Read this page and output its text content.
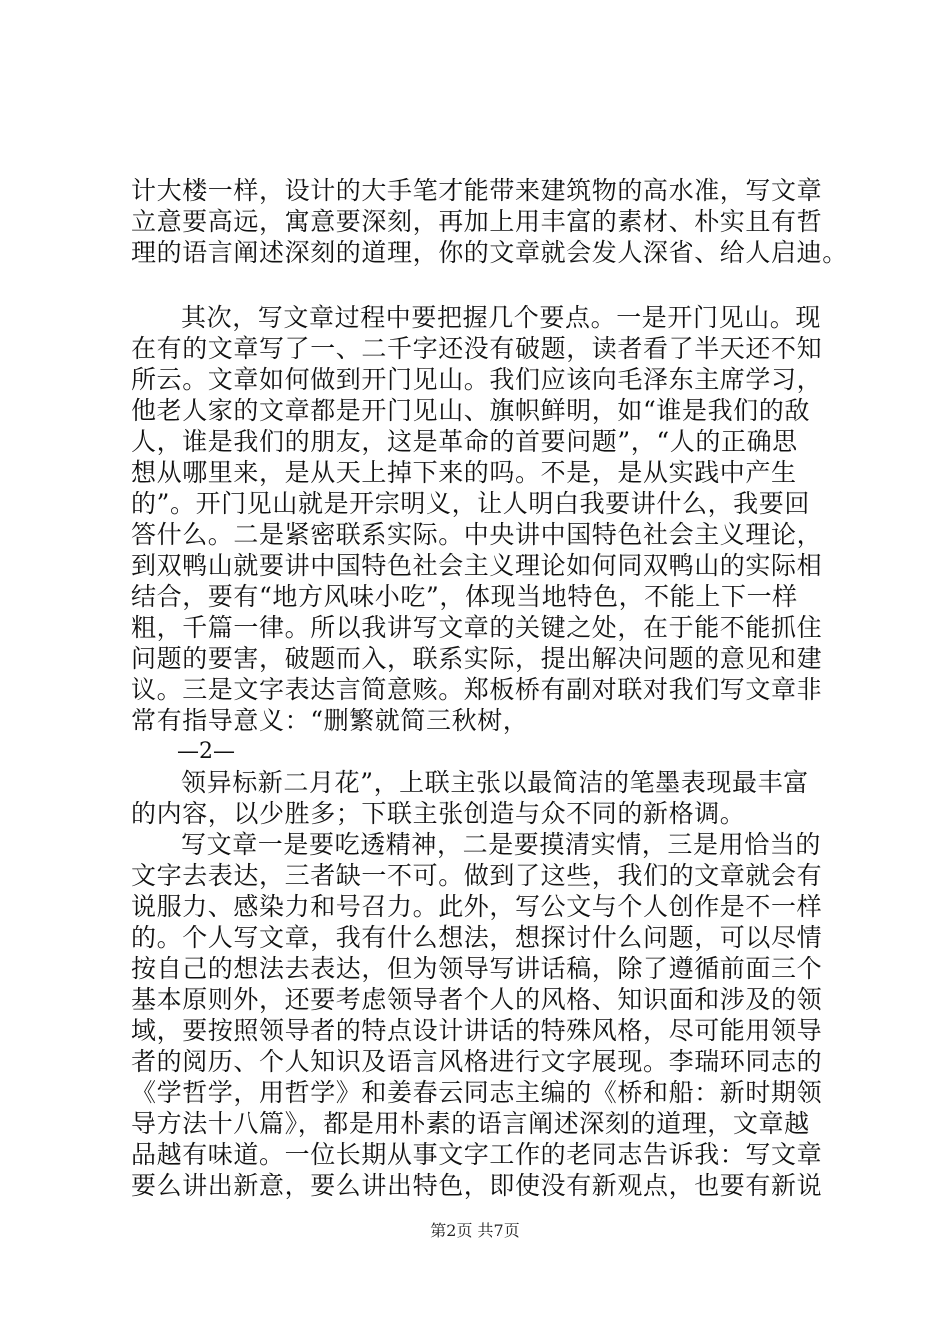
计大楼一样，设计的大手笔才能带来建筑物的高水准，写文章
立意要高远，寓意要深刻，再加上用丰富的素材、朴实且有哲
理的语言阐述深刻的道理，你的文章就会发人深省、给人启迪。
其次，写文章过程中要把握几个要点。一是开门见山。现
在有的文章写了一、二千字还没有破题，读者看了半天还不知
所云。文章如何做到开门见山。我们应该向毛泽东主席学习，
他老人家的文章都是开门见山、旗帜鲜明，如“谁是我们的敌
人，谁是我们的朋友，这是革命的首要问题”，“人的正确思
想从哪里来，是从天上掉下来的吗。不是，是从实践中产生
的”。开门见山就是开宗明义，让人明白我要讲什么，我要回
答什么。二是紧密联系实际。中央讲中国特色社会主义理论，
到双鸭山就要讲中国特色社会主义理论如何同双鸭山的实际相
结合，要有“地方风味小吃”，体现当地特色，不能上下一样
粗，千篇一律。所以我讲写文章的关键之处，在于能不能抓住
问题的要害，破题而入，联系实际，提出解决问题的意见和建
议。三是文字表达言简意赅。郑板桥有副对联对我们写文章非
常有指导意义：“删繁就简三秋树，
—2—
领异标新二月花”，上联主张以最简洁的笔墨表现最丰富
的内容，以少胜多；下联主张创造与众不同的新格调。
写文章一是要吃透精神，二是要摸清实情，三是用恰当的
文字去表达，三者缺一不可。做到了这些，我们的文章就会有
说服力、感染力和号召力。此外，写公文与个人创作是不一样
的。个人写文章，我有什么想法，想探讨什么问题，可以尽情
按自己的想法去表达，但为领导写讲话稿，除了遵循前面三个
基本原则外，还要考虑领导者个人的风格、知识面和涉及的领
域，要按照领导者的特点设计讲话的特殊风格，尽可能用领导
者的阅历、个人知识及语言风格进行文字展现。李瑞环同志的
《学哲学，用哲学》和姜春云同志主编的《桥和船：新时期领
导方法十八篇》，都是用朴素的语言阐述深刻的道理，文章越
品越有味道。一位长期从事文字工作的老同志告诉我：写文章
要么讲出新意，要么讲出特色，即使没有新观点，也要有新说
第2页 共7页
